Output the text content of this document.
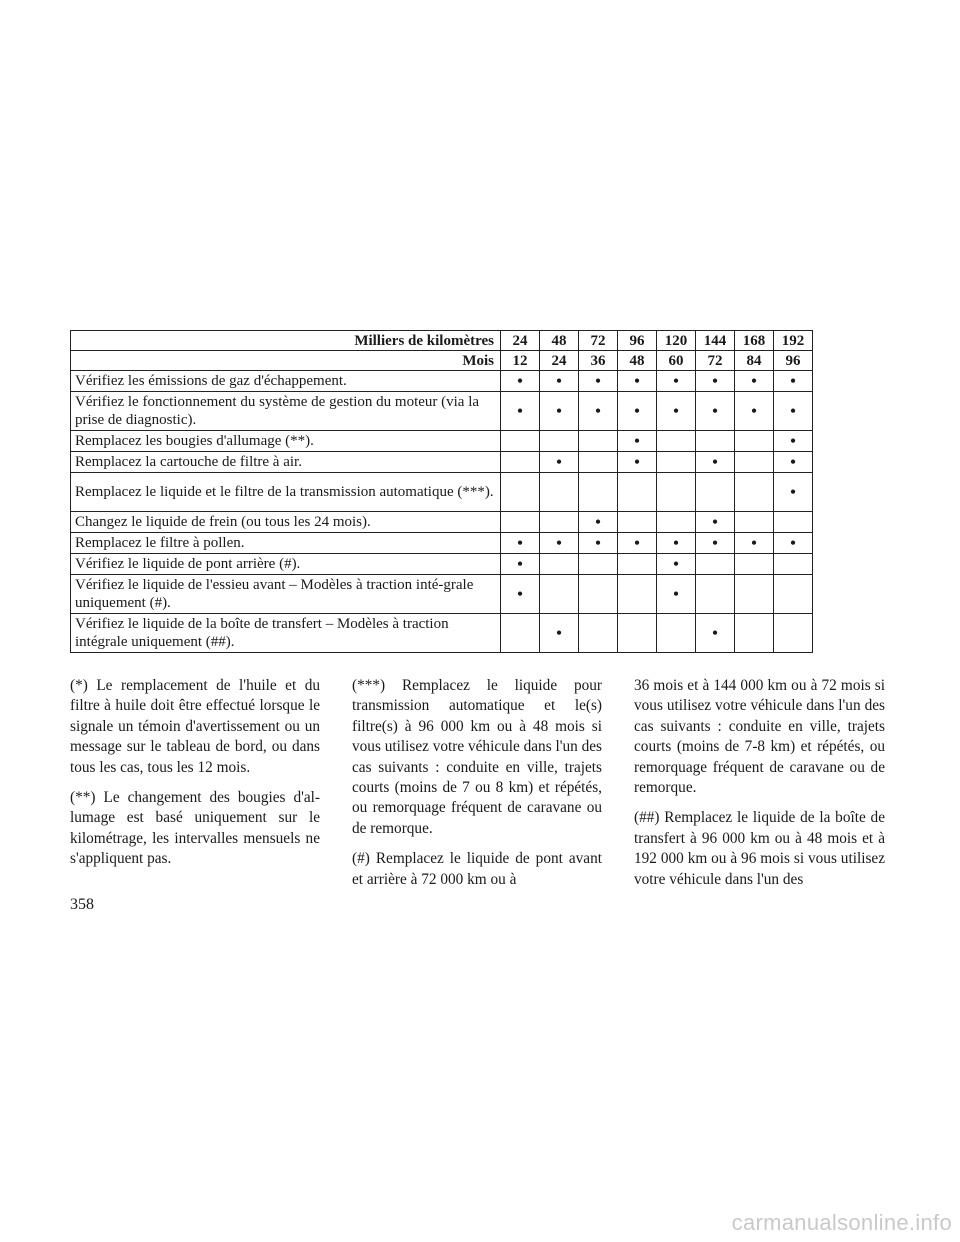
Milliers de kilomètres	24	48	72	96	120	144	168	192
Mois	12	24	36	48	60	72	84	96
Vérifiez les émissions de gaz d'échappement.	•	•	•	•	•	•	•	•
Vérifiez le fonctionnement du système de gestion du moteur (via la prise de diagnostic).	•	•	•	•	•	•	•	•
Remplacez les bougies d'allumage (**).				•				•
Remplacez la cartouche de filtre à air.		•		•		•		•
Remplacez le liquide et le filtre de la transmission automatique (***).								•
Changez le liquide de frein (ou tous les 24 mois).			•			•		
Remplacez le filtre à pollen.	•	•	•	•	•	•	•	•
Vérifiez le liquide de pont arrière (#).	•				•			
Vérifiez le liquide de l'essieu avant – Modèles à traction inté-grale uniquement (#).	•				•			
Vérifiez le liquide de la boîte de transfert – Modèles à traction intégrale uniquement (##).		•				•		

(*) Le remplacement de l'huile et du filtre à huile doit être effectué lorsque le signale un témoin d'avertissement ou un message sur le tableau de bord, ou dans tous les cas, tous les 12 mois.

(**) Le changement des bougies d'al-lumage est basé uniquement sur le kilométrage, les intervalles mensuels ne s'appliquent pas.

(***) Remplacez le liquide pour transmission automatique et le(s) filtre(s) à 96 000 km ou à 48 mois si vous utilisez votre véhicule dans l'un des cas suivants : conduite en ville, trajets courts (moins de 7 ou 8 km) et répétés, ou remorquage fréquent de caravane ou de remorque.

(#) Remplacez le liquide de pont avant et arrière à 72 000 km ou à

36 mois et à 144 000 km ou à 72 mois si vous utilisez votre véhicule dans l'un des cas suivants : conduite en ville, trajets courts (moins de 7-8 km) et répétés, ou remorquage fréquent de caravane ou de remorque.

(##) Remplacez le liquide de la boîte de transfert à 96 000 km ou à 48 mois et à 192 000 km ou à 96 mois si vous utilisez votre véhicule dans l'un des

358
carmanualsonline.info
